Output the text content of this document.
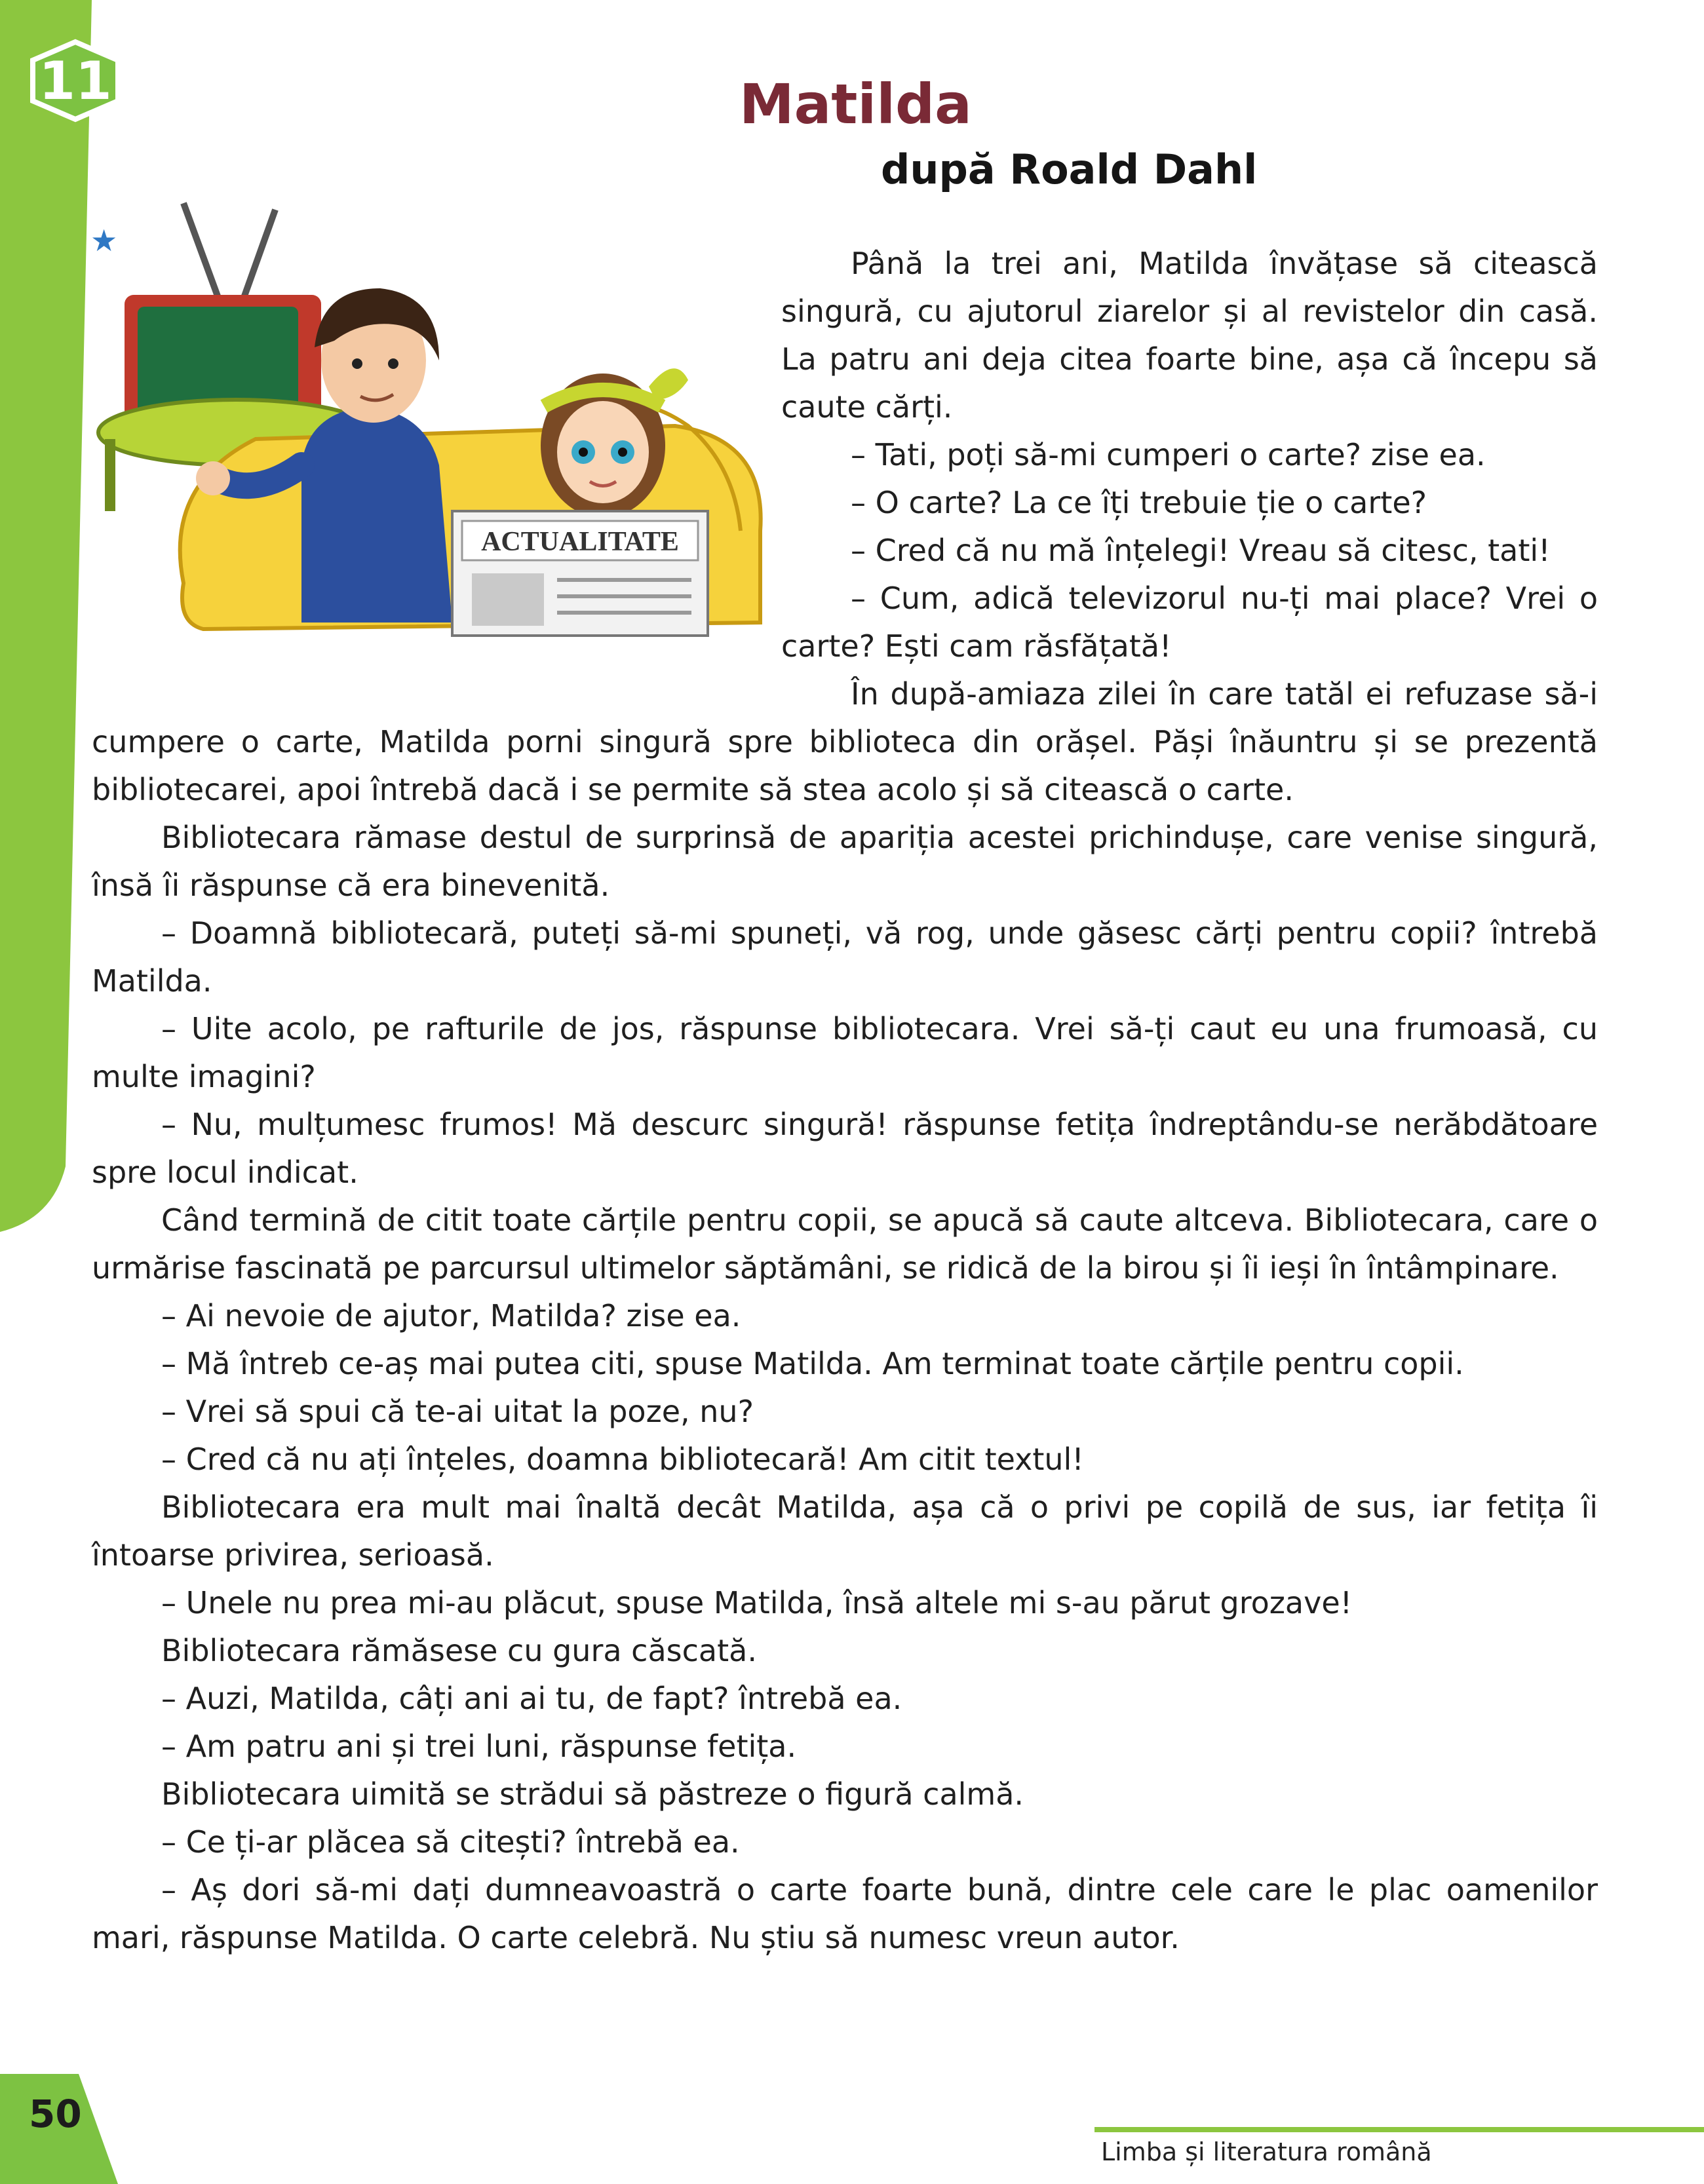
11	Matilda
după Roald Dahl
★
ACTUALITATE

Până la trei ani, Matilda învățase să citească singură, cu ajutorul ziarelor și al revistelor din casă. La patru ani deja citea foarte bine, așa că începu să caute cărți.

– Tati, poți să-mi cumperi o carte? zise ea.

– O carte? La ce îți trebuie ție o carte?

– Cred că nu mă înțelegi! Vreau să citesc, tati!

– Cum, adică televizorul nu-ți mai place? Vrei o carte? Ești cam răsfățată!

În după-amiaza zilei în care tatăl ei refuzase să-i cumpere o carte, Matilda porni singură spre biblioteca din orășel. Păși înăuntru și se prezentă bibliotecarei, apoi întrebă dacă i se permite să stea acolo și să citească o carte.

Bibliotecara rămase destul de surprinsă de apariția acestei prichindușe, care venise singură, însă îi răspunse că era binevenită.

– Doamnă bibliotecară, puteți să-mi spuneți, vă rog, unde găsesc cărți pentru copii? întrebă Matilda.

– Uite acolo, pe rafturile de jos, răspunse bibliotecara. Vrei să-ți caut eu una frumoasă, cu multe imagini?

– Nu, mulțumesc frumos! Mă descurc singură! răspunse fetița îndreptându-se nerăbdătoare spre locul indicat.

Când termină de citit toate cărțile pentru copii, se apucă să caute altceva. Bibliotecara, care o urmărise fascinată pe parcursul ultimelor săptămâni, se ridică de la birou și îi ieși în întâmpinare.

– Ai nevoie de ajutor, Matilda? zise ea.

– Mă întreb ce-aș mai putea citi, spuse Matilda. Am terminat toate cărțile pentru copii.

– Vrei să spui că te-ai uitat la poze, nu?

– Cred că nu ați înțeles, doamna bibliotecară! Am citit textul!

Bibliotecara era mult mai înaltă decât Matilda, așa că o privi pe copilă de sus, iar fetița îi întoarse privirea, serioasă.

– Unele nu prea mi-au plăcut, spuse Matilda, însă altele mi s-au părut grozave!

Bibliotecara rămăsese cu gura căscată.

– Auzi, Matilda, câți ani ai tu, de fapt? întrebă ea.

– Am patru ani și trei luni, răspunse fetița.

Bibliotecara uimită se strădui să păstreze o figură calmă.

– Ce ți-ar plăcea să citești? întrebă ea.

– Aș dori să-mi dați dumneavoastră o carte foarte bună, dintre cele care le plac oamenilor mari, răspunse Matilda. O carte celebră. Nu știu să numesc vreun autor.

50
Limba și literatura română
